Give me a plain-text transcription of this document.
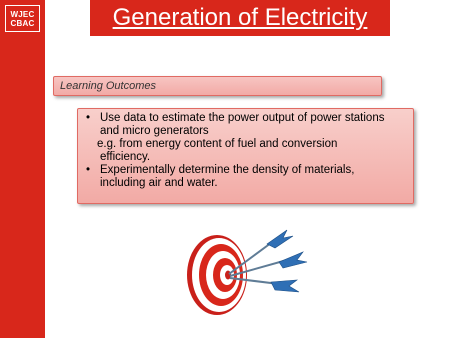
WJEC
CBAC	Generation of Electricity
Learning Outcomes
• Use data to estimate the power output of power stations
and micro generators
e.g. from energy content of fuel and conversion
efficiency.
• Experimentally determine the density of materials,
including air and water.
